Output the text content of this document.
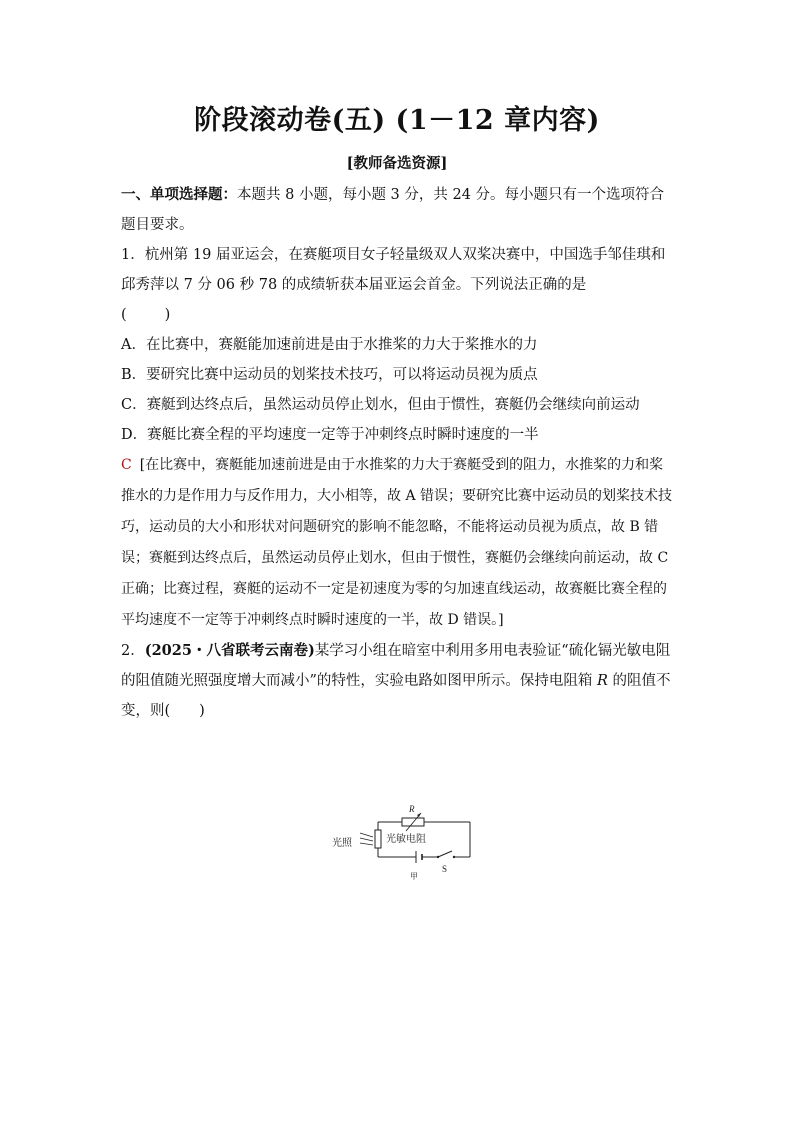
阶段滚动卷(五) (1－12 章内容)
[教师备选资源]

一、单项选择题：本题共 8 小题，每小题 3 分，共 24 分。每小题只有一个选项符合题目要求。

1．杭州第 19 届亚运会，在赛艇项目女子轻量级双人双桨决赛中，中国选手邹佳琪和邱秀萍以 7 分 06 秒 78 的成绩斩获本届亚运会首金。下列说法正确的是

(	)

A．在比赛中，赛艇能加速前进是由于水推桨的力大于桨推水的力

B．要研究比赛中运动员的划桨技术技巧，可以将运动员视为质点

C．赛艇到达终点后，虽然运动员停止划水，但由于惯性，赛艇仍会继续向前运动

D．赛艇比赛全程的平均速度一定等于冲刺终点时瞬时速度的一半

C [在比赛中，赛艇能加速前进是由于水推桨的力大于赛艇受到的阻力，水推桨的力和桨推水的力是作用力与反作用力，大小相等，故 A 错误；要研究比赛中运动员的划桨技术技巧，运动员的大小和形状对问题研究的影响不能忽略，不能将运动员视为质点，故 B 错误；赛艇到达终点后，虽然运动员停止划水，但由于惯性，赛艇仍会继续向前运动，故 C 正确；比赛过程，赛艇的运动不一定是初速度为零的匀加速直线运动，故赛艇比赛全程的平均速度不一定等于冲刺终点时瞬时速度的一半，故 D 错误。]

2．(2025・八省联考云南卷)某学习小组在暗室中利用多用电表验证“硫化镉光敏电阻的阻值随光照强度增大而减小”的特性，实验电路如图甲所示。保持电阻箱 R 的阻值不变，则(　　)

R
光照	光敏电阻
S
甲
